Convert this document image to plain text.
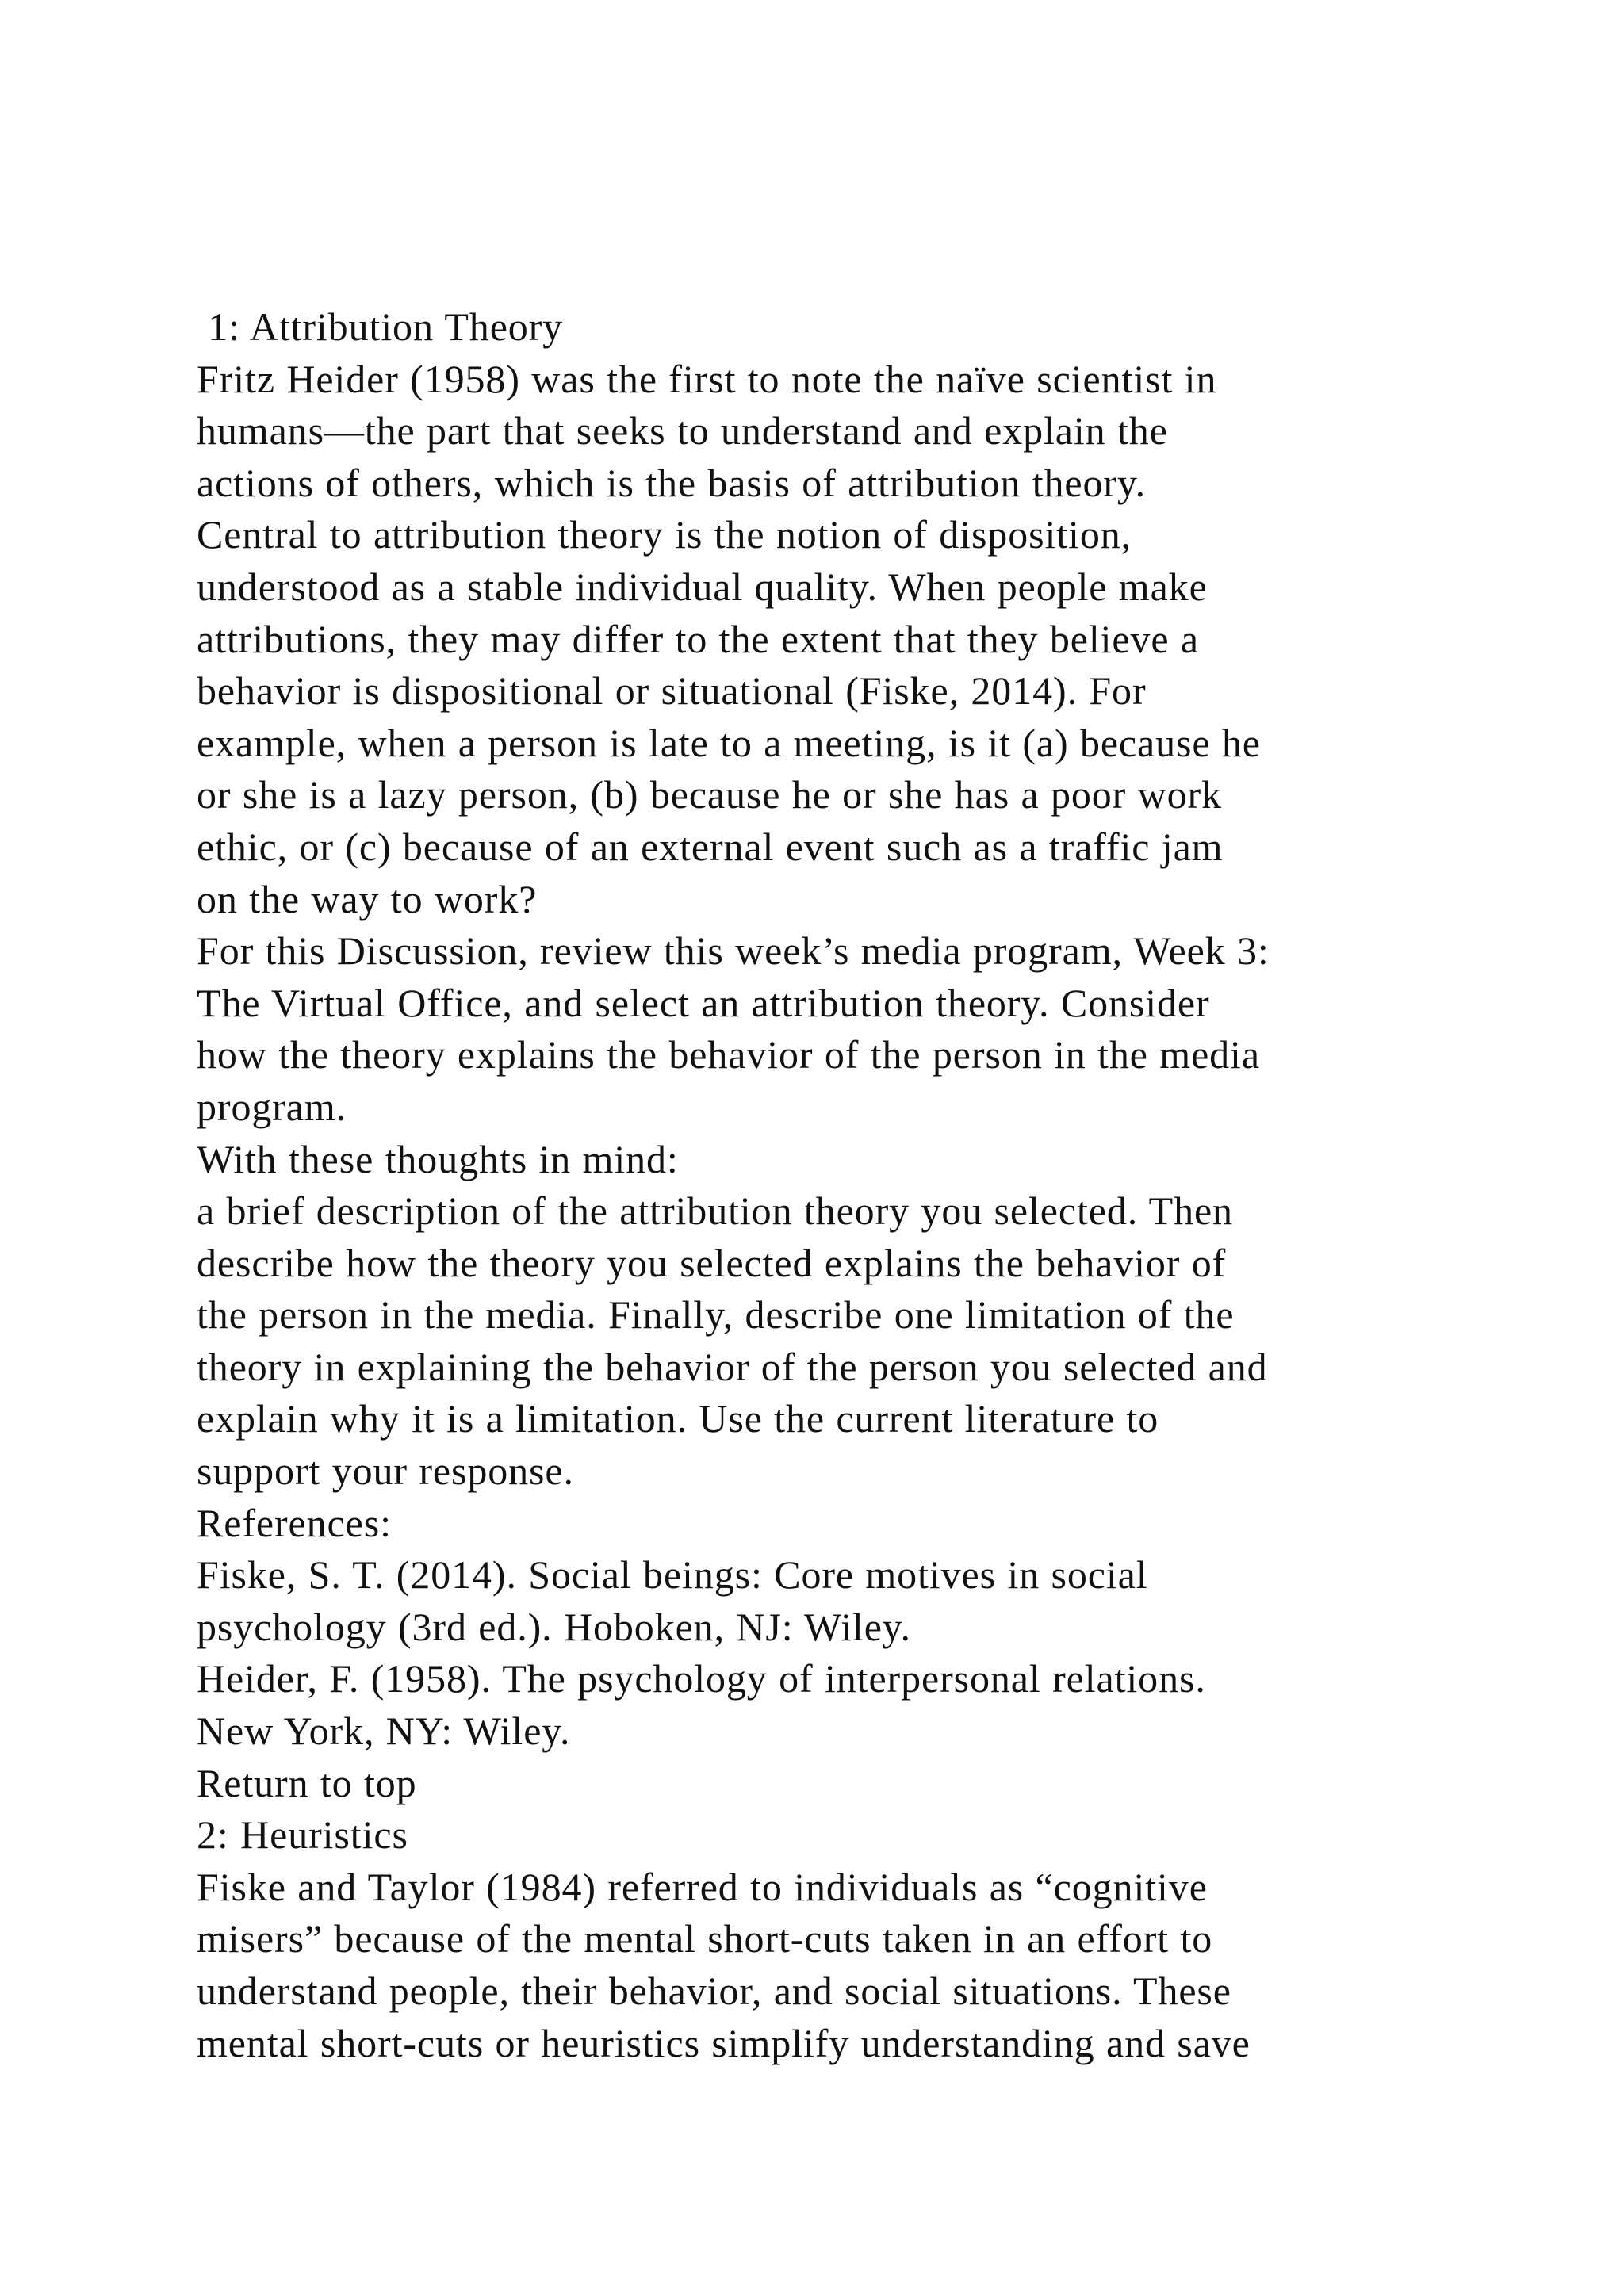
1: Attribution Theory
Fritz Heider (1958) was the first to note the naïve scientist in
humans—the part that seeks to understand and explain the
actions of others, which is the basis of attribution theory.
Central to attribution theory is the notion of disposition,
understood as a stable individual quality. When people make
attributions, they may differ to the extent that they believe a
behavior is dispositional or situational (Fiske, 2014). For
example, when a person is late to a meeting, is it (a) because he
or she is a lazy person, (b) because he or she has a poor work
ethic, or (c) because of an external event such as a traffic jam
on the way to work?
For this Discussion, review this week’s media program, Week 3:
The Virtual Office, and select an attribution theory. Consider
how the theory explains the behavior of the person in the media
program.
With these thoughts in mind:
a brief description of the attribution theory you selected. Then
describe how the theory you selected explains the behavior of
the person in the media. Finally, describe one limitation of the
theory in explaining the behavior of the person you selected and
explain why it is a limitation. Use the current literature to
support your response.
References:
Fiske, S. T. (2014). Social beings: Core motives in social
psychology (3rd ed.). Hoboken, NJ: Wiley.
Heider, F. (1958). The psychology of interpersonal relations.
New York, NY: Wiley.
Return to top
2: Heuristics
Fiske and Taylor (1984) referred to individuals as “cognitive
misers” because of the mental short-cuts taken in an effort to
understand people, their behavior, and social situations. These
mental short-cuts or heuristics simplify understanding and save
